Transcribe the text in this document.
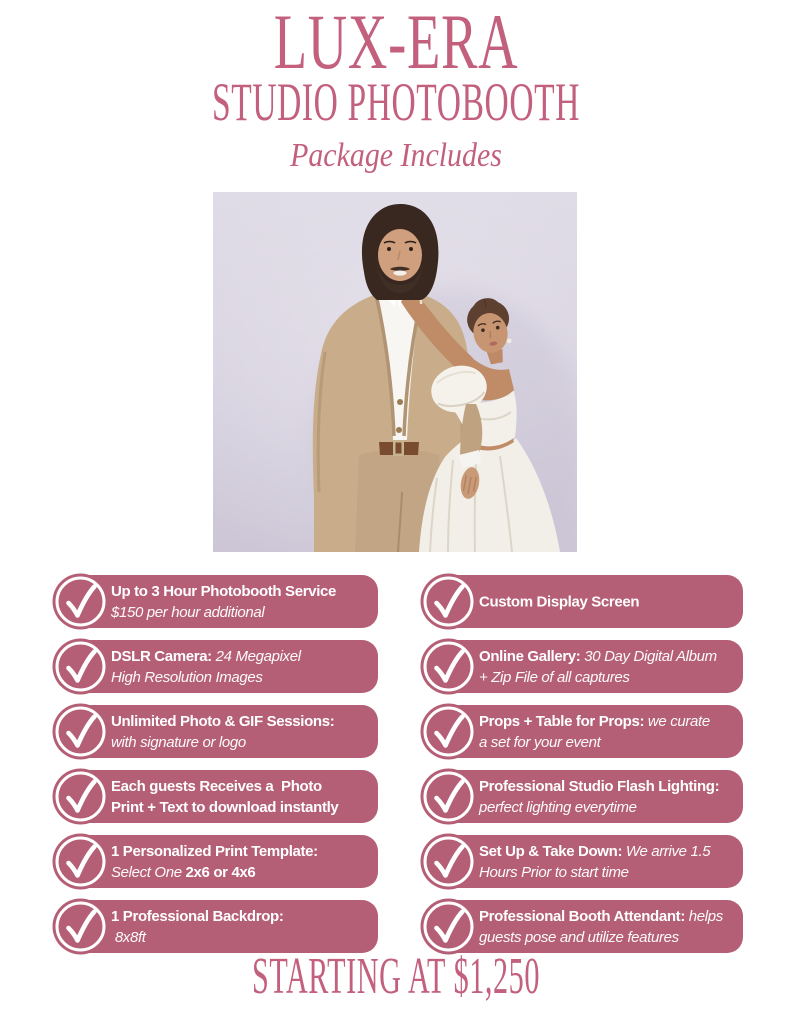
LUX-ERA
STUDIO PHOTOBOOTH
Package Includes
Up to 3 Hour Photobooth Service
$150 per hour additional
DSLR Camera: 24 Megapixel
High Resolution Images
Unlimited Photo & GIF Sessions:
with signature or logo
Each guests Receives a  Photo
Print + Text to download instantly
1 Personalized Print Template:
Select One 2x6 or 4x6
1 Professional Backdrop:
8x8ft
Custom Display Screen
Online Gallery: 30 Day Digital Album
+ Zip File of all captures
Props + Table for Props: we curate
a set for your event
Professional Studio Flash Lighting:
perfect lighting everytime
Set Up & Take Down: We arrive 1.5
Hours Prior to start time
Professional Booth Attendant: helps
guests pose and utilize features
STARTING AT $1,250
